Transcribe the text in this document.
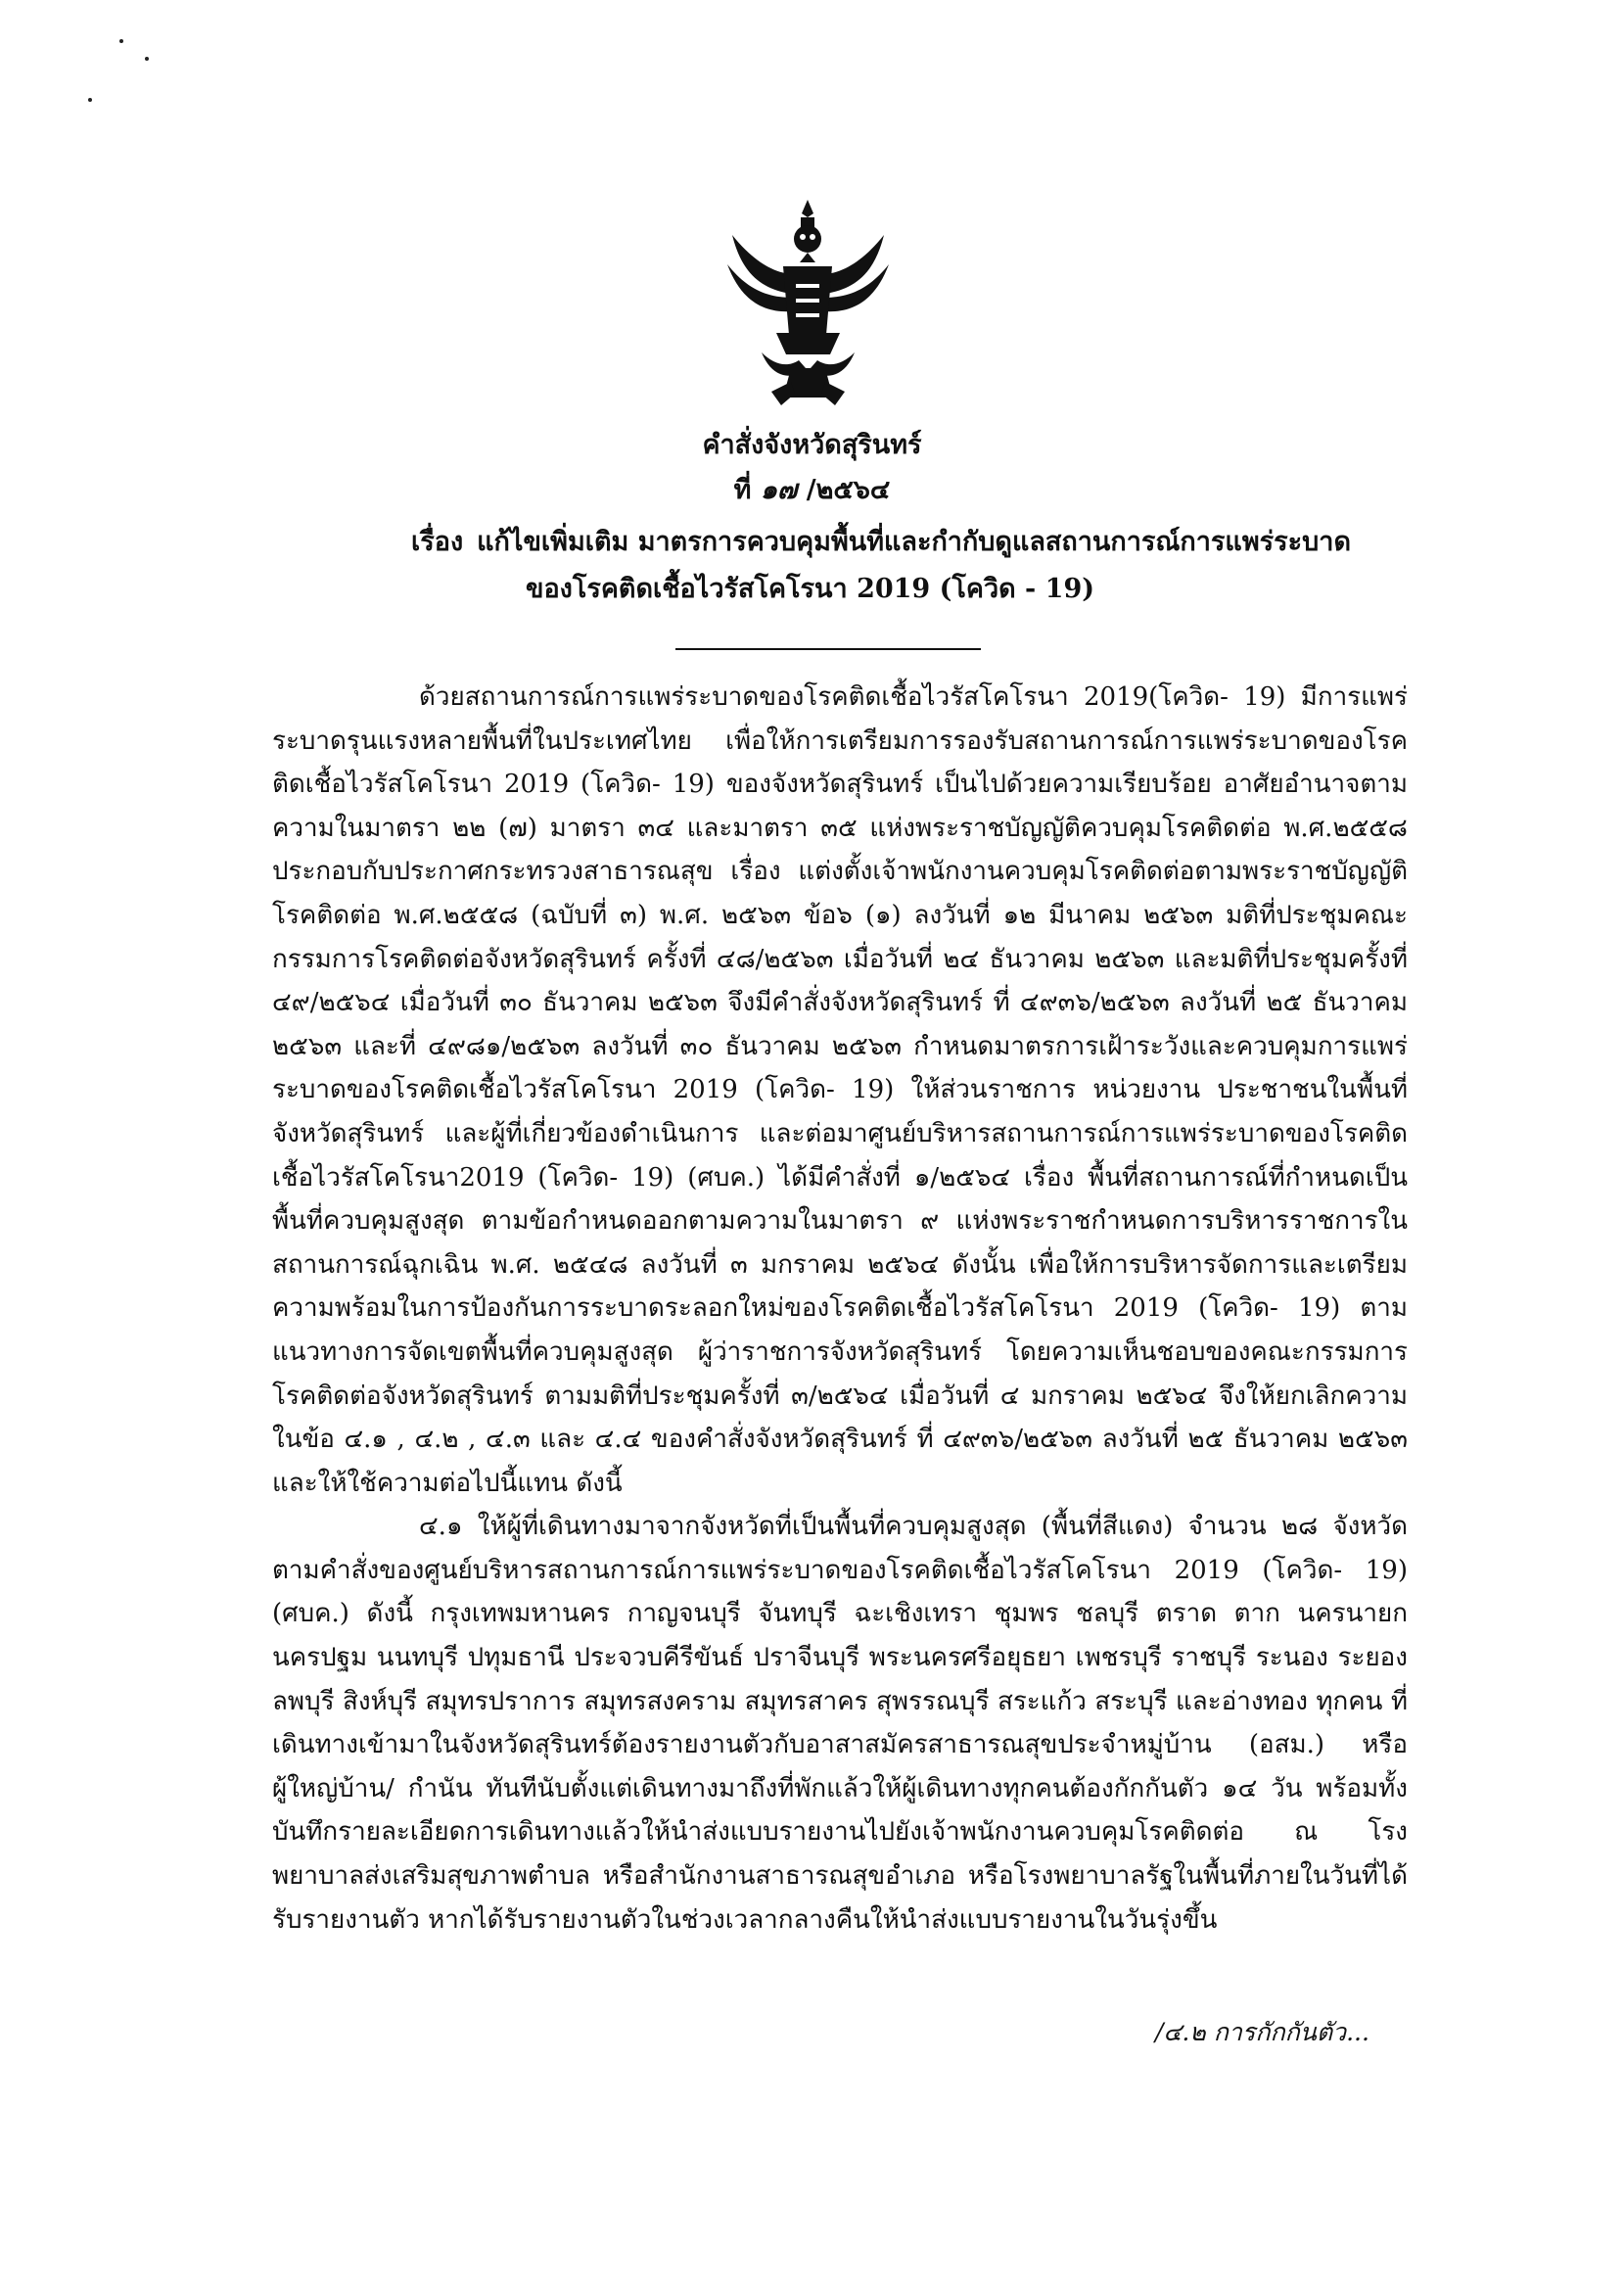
คำสั่งจังหวัดสุรินทร์
ที่ ๑๗ /๒๕๖๔
เรื่อง แก้ไขเพิ่มเติม มาตรการควบคุมพื้นที่และกำกับดูแลสถานการณ์การแพร่ระบาด
ของโรคติดเชื้อไวรัสโคโรนา 2019 (โควิด - 19)

ด้วยสถานการณ์การแพร่ระบาดของโรคติดเชื้อไวรัสโคโรนา 2019(โควิด- 19) มีการแพร่ระบาดรุนแรงหลายพื้นที่ในประเทศไทย เพื่อให้การเตรียมการรองรับสถานการณ์การแพร่ระบาดของโรคติดเชื้อไวรัสโคโรนา 2019 (โควิด- 19) ของจังหวัดสุรินทร์ เป็นไปด้วยความเรียบร้อย อาศัยอำนาจตามความในมาตรา ๒๒ (๗) มาตรา ๓๔ และมาตรา ๓๕ แห่งพระราชบัญญัติควบคุมโรคติดต่อ พ.ศ.๒๕๕๘ ประกอบกับประกาศกระทรวงสาธารณสุข เรื่อง แต่งตั้งเจ้าพนักงานควบคุมโรคติดต่อตามพระราชบัญญัติโรคติดต่อ พ.ศ.๒๕๕๘ (ฉบับที่ ๓) พ.ศ. ๒๕๖๓ ข้อ๖ (๑) ลงวันที่ ๑๒ มีนาคม ๒๕๖๓ มติที่ประชุมคณะกรรมการโรคติดต่อจังหวัดสุรินทร์ ครั้งที่ ๔๘/๒๕๖๓ เมื่อวันที่ ๒๔ ธันวาคม ๒๕๖๓ และมติที่ประชุมครั้งที่ ๔๙/๒๕๖๔ เมื่อวันที่ ๓๐ ธันวาคม ๒๕๖๓ จึงมีคำสั่งจังหวัดสุรินทร์ ที่ ๔๙๓๖/๒๕๖๓ ลงวันที่ ๒๕ ธันวาคม ๒๕๖๓ และที่ ๔๙๘๑/๒๕๖๓ ลงวันที่ ๓๐ ธันวาคม ๒๕๖๓ กำหนดมาตรการเฝ้าระวังและควบคุมการแพร่ระบาดของโรคติดเชื้อไวรัสโคโรนา 2019 (โควิด- 19) ให้ส่วนราชการ หน่วยงาน ประชาชนในพื้นที่จังหวัดสุรินทร์ และผู้ที่เกี่ยวข้องดำเนินการ และต่อมาศูนย์บริหารสถานการณ์การแพร่ระบาดของโรคติดเชื้อไวรัสโคโรนา2019 (โควิด- 19) (ศบค.) ได้มีคำสั่งที่ ๑/๒๕๖๔ เรื่อง พื้นที่สถานการณ์ที่กำหนดเป็นพื้นที่ควบคุมสูงสุด ตามข้อกำหนดออกตามความในมาตรา ๙ แห่งพระราชกำหนดการบริหารราชการในสถานการณ์ฉุกเฉิน พ.ศ. ๒๕๔๘ ลงวันที่ ๓ มกราคม ๒๕๖๔ ดังนั้น เพื่อให้การบริหารจัดการและเตรียมความพร้อมในการป้องกันการระบาดระลอกใหม่ของโรคติดเชื้อไวรัสโคโรนา 2019 (โควิด- 19) ตามแนวทางการจัดเขตพื้นที่ควบคุมสูงสุด ผู้ว่าราชการจังหวัดสุรินทร์ โดยความเห็นชอบของคณะกรรมการโรคติดต่อจังหวัดสุรินทร์ ตามมติที่ประชุมครั้งที่ ๓/๒๕๖๔ เมื่อวันที่ ๔ มกราคม ๒๕๖๔ จึงให้ยกเลิกความในข้อ ๔.๑ , ๔.๒ , ๔.๓ และ ๔.๔ ของคำสั่งจังหวัดสุรินทร์ ที่ ๔๙๓๖/๒๕๖๓ ลงวันที่ ๒๕ ธันวาคม ๒๕๖๓ และให้ใช้ความต่อไปนี้แทน ดังนี้

๔.๑ ให้ผู้ที่เดินทางมาจากจังหวัดที่เป็นพื้นที่ควบคุมสูงสุด (พื้นที่สีแดง) จำนวน ๒๘ จังหวัด ตามคำสั่งของศูนย์บริหารสถานการณ์การแพร่ระบาดของโรคติดเชื้อไวรัสโคโรนา 2019 (โควิด- 19) (ศบค.) ดังนี้ กรุงเทพมหานคร กาญจนบุรี จันทบุรี ฉะเชิงเทรา ชุมพร ชลบุรี ตราด ตาก นครนายก นครปฐม นนทบุรี ปทุมธานี ประจวบคีรีขันธ์ ปราจีนบุรี พระนครศรีอยุธยา เพชรบุรี ราชบุรี ระนอง ระยอง ลพบุรี สิงห์บุรี สมุทรปราการ สมุทรสงคราม สมุทรสาคร สุพรรณบุรี สระแก้ว สระบุรี และอ่างทอง ทุกคน ที่เดินทางเข้ามาในจังหวัดสุรินทร์ต้องรายงานตัวกับอาสาสมัครสาธารณสุขประจำหมู่บ้าน (อสม.) หรือผู้ใหญ่บ้าน/ กำนัน ทันทีนับตั้งแต่เดินทางมาถึงที่พักแล้วให้ผู้เดินทางทุกคนต้องกักกันตัว ๑๔ วัน พร้อมทั้งบันทึกรายละเอียดการเดินทางแล้วให้นำส่งแบบรายงานไปยังเจ้าพนักงานควบคุมโรคติดต่อ ณ โรงพยาบาลส่งเสริมสุขภาพตำบล หรือสำนักงานสาธารณสุขอำเภอ หรือโรงพยาบาลรัฐในพื้นที่ภายในวันที่ได้รับรายงานตัว หากได้รับรายงานตัวในช่วงเวลากลางคืนให้นำส่งแบบรายงานในวันรุ่งขึ้น

/๔.๒ การกักกันตัว...
